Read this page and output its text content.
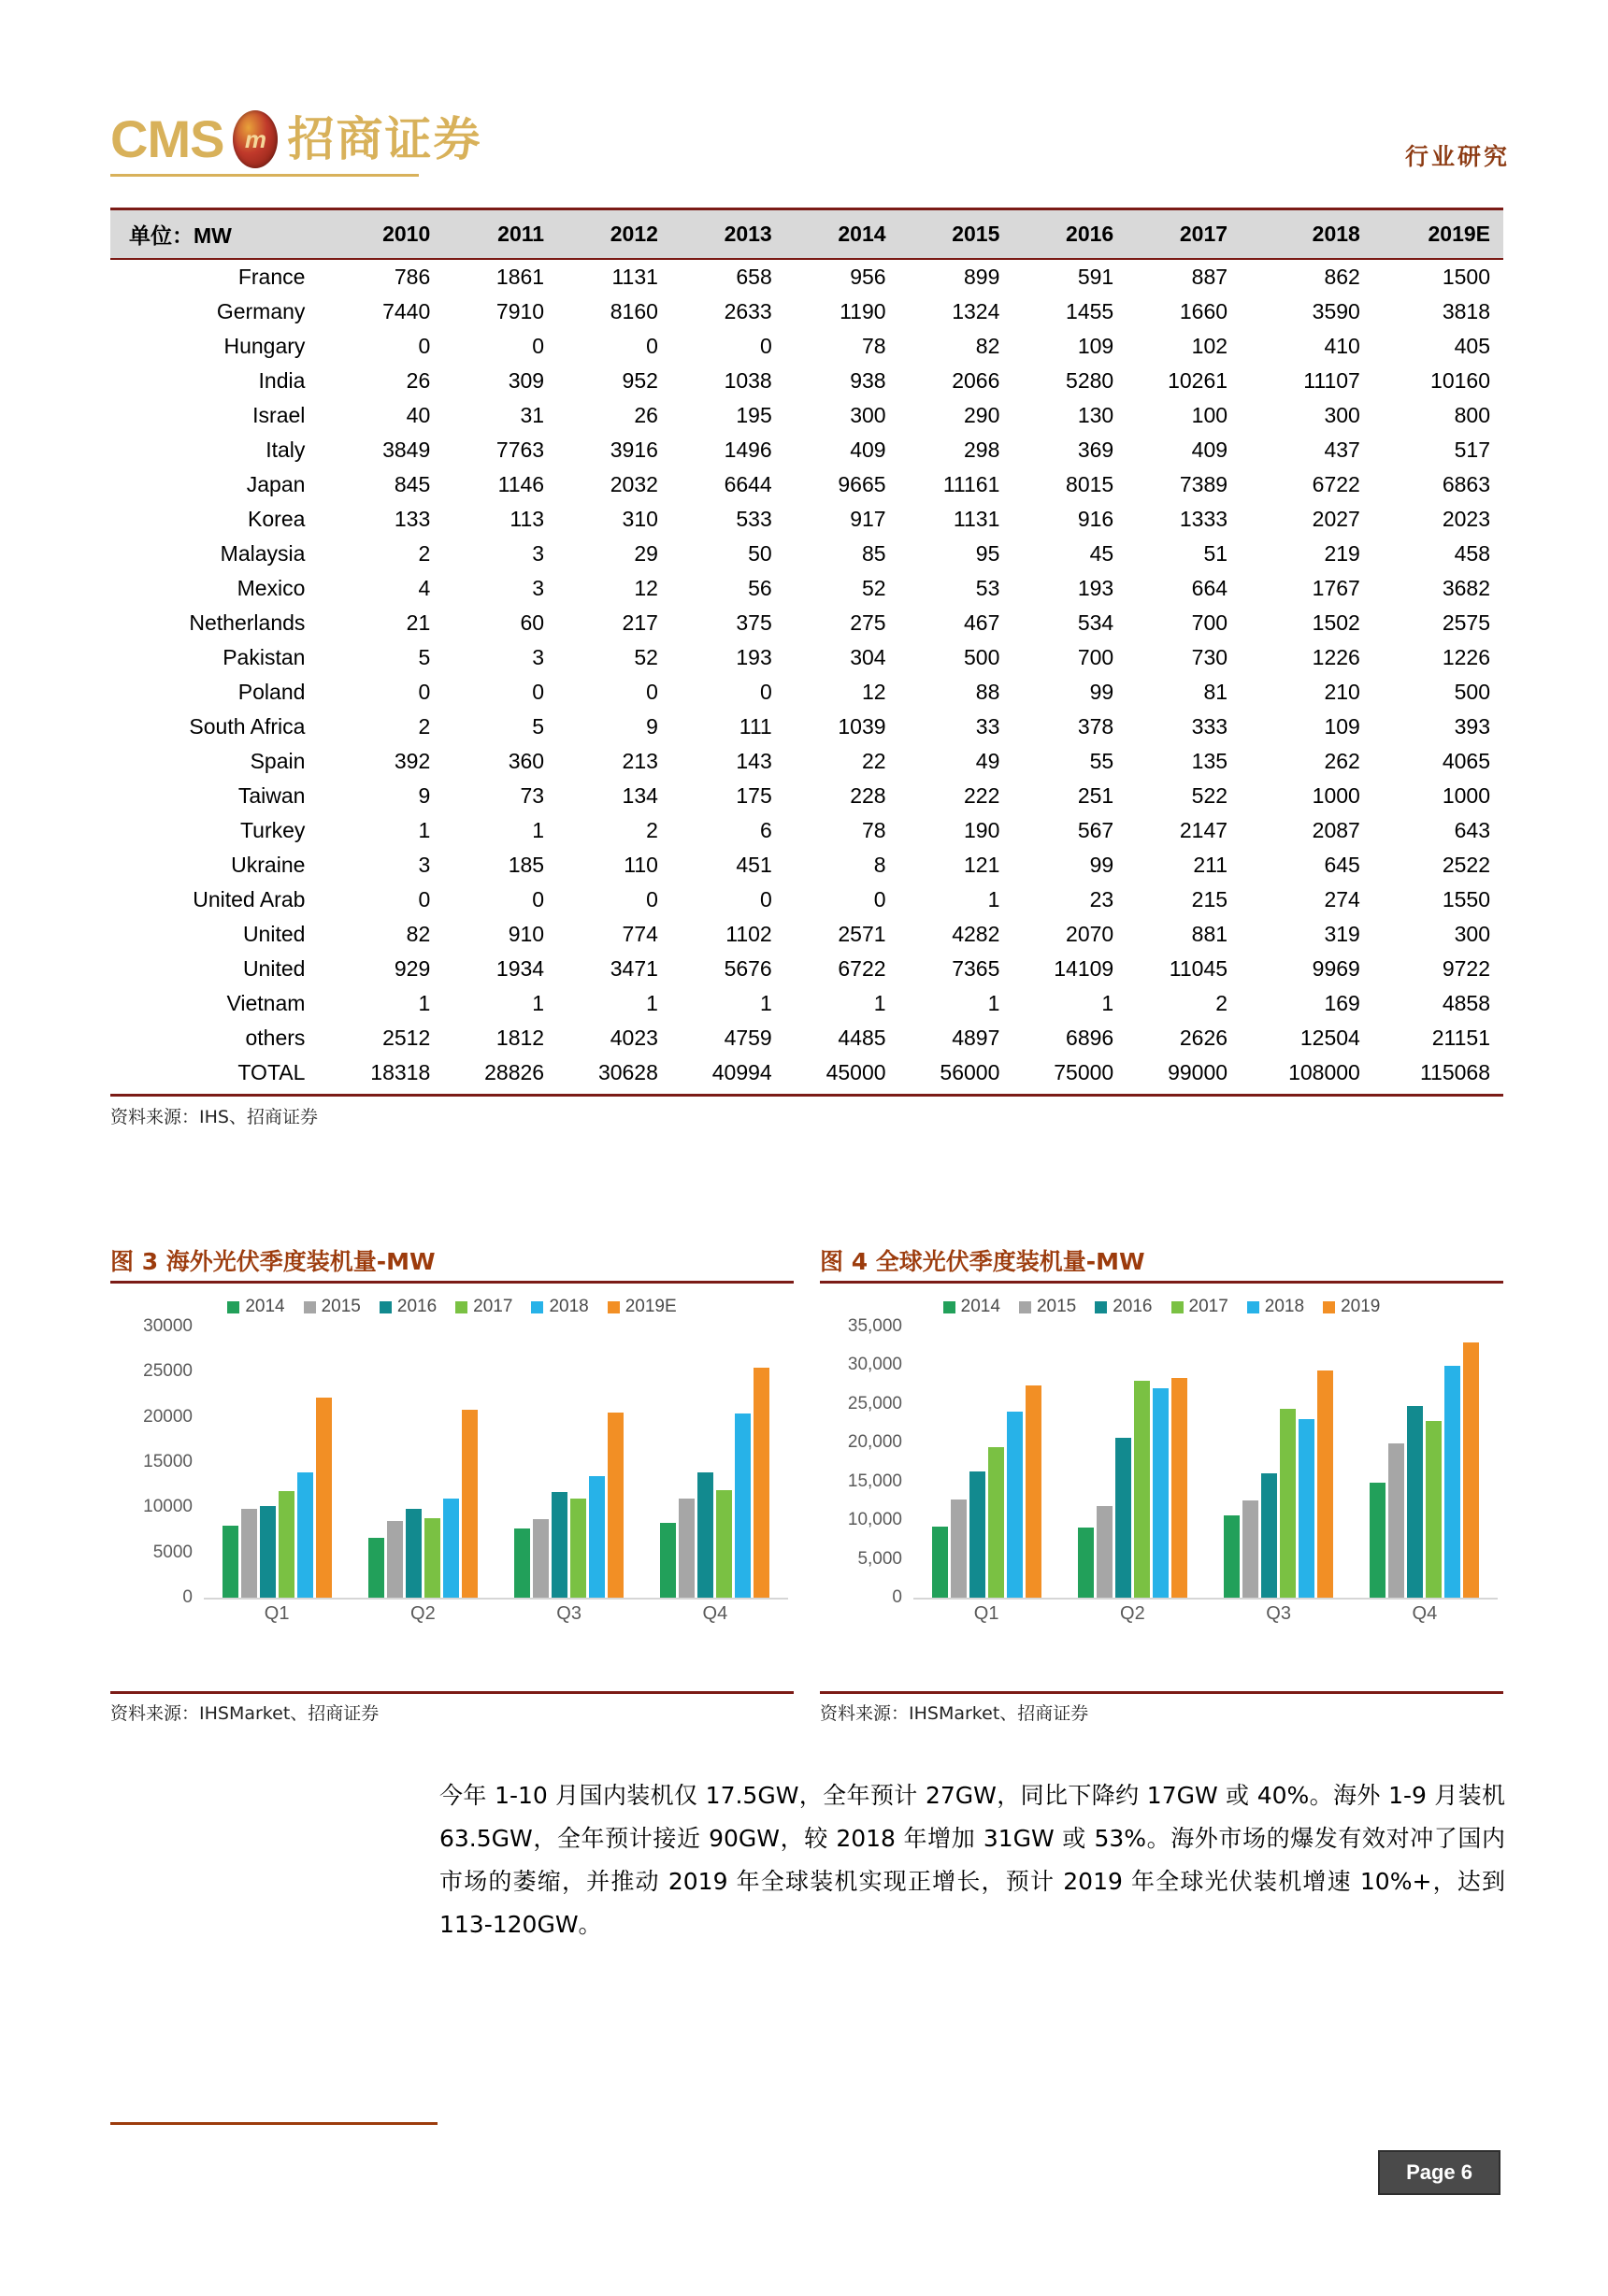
CMS m 招商证券	行业研究
单位：MW	2010	2011	2012	2013	2014	2015	2016	2017	2018	2019E
France	786	1861	1131	658	956	899	591	887	862	1500
Germany	7440	7910	8160	2633	1190	1324	1455	1660	3590	3818
Hungary	0	0	0	0	78	82	109	102	410	405
India	26	309	952	1038	938	2066	5280	10261	11107	10160
Israel	40	31	26	195	300	290	130	100	300	800
Italy	3849	7763	3916	1496	409	298	369	409	437	517
Japan	845	1146	2032	6644	9665	11161	8015	7389	6722	6863
Korea	133	113	310	533	917	1131	916	1333	2027	2023
Malaysia	2	3	29	50	85	95	45	51	219	458
Mexico	4	3	12	56	52	53	193	664	1767	3682
Netherlands	21	60	217	375	275	467	534	700	1502	2575
Pakistan	5	3	52	193	304	500	700	730	1226	1226
Poland	0	0	0	0	12	88	99	81	210	500
South Africa	2	5	9	111	1039	33	378	333	109	393
Spain	392	360	213	143	22	49	55	135	262	4065
Taiwan	9	73	134	175	228	222	251	522	1000	1000
Turkey	1	1	2	6	78	190	567	2147	2087	643
Ukraine	3	185	110	451	8	121	99	211	645	2522
United Arab	0	0	0	0	0	1	23	215	274	1550
United	82	910	774	1102	2571	4282	2070	881	319	300
United	929	1934	3471	5676	6722	7365	14109	11045	9969	9722
Vietnam	1	1	1	1	1	1	1	2	169	4858
others	2512	1812	4023	4759	4485	4897	6896	2626	12504	21151
TOTAL	18318	28826	30628	40994	45000	56000	75000	99000	108000	115068
资料来源：IHS、招商证券
图 3 海外光伏季度装机量-MW
2014 2015 2016 2017 2018 2019E
0
5000
10000
15000
20000
25000
30000
Q1	Q2	Q3	Q4
资料来源：IHSMarket、招商证券
图 4 全球光伏季度装机量-MW
2014 2015 2016 2017 2018 2019
0
5,000
10,000
15,000
20,000
25,000
30,000
35,000
Q1	Q2	Q3	Q4
资料来源：IHSMarket、招商证券
今年 1-10 月国内装机仅 17.5GW，全年预计 27GW，同比下降约 17GW 或 40%。海外 1-9 月装机 63.5GW，全年预计接近 90GW，较 2018 年增加 31GW 或 53%。海外市场的爆发有效对冲了国内市场的萎缩，并推动 2019 年全球装机实现正增长，预计 2019 年全球光伏装机增速 10%+，达到 113-120GW。
Page 6
